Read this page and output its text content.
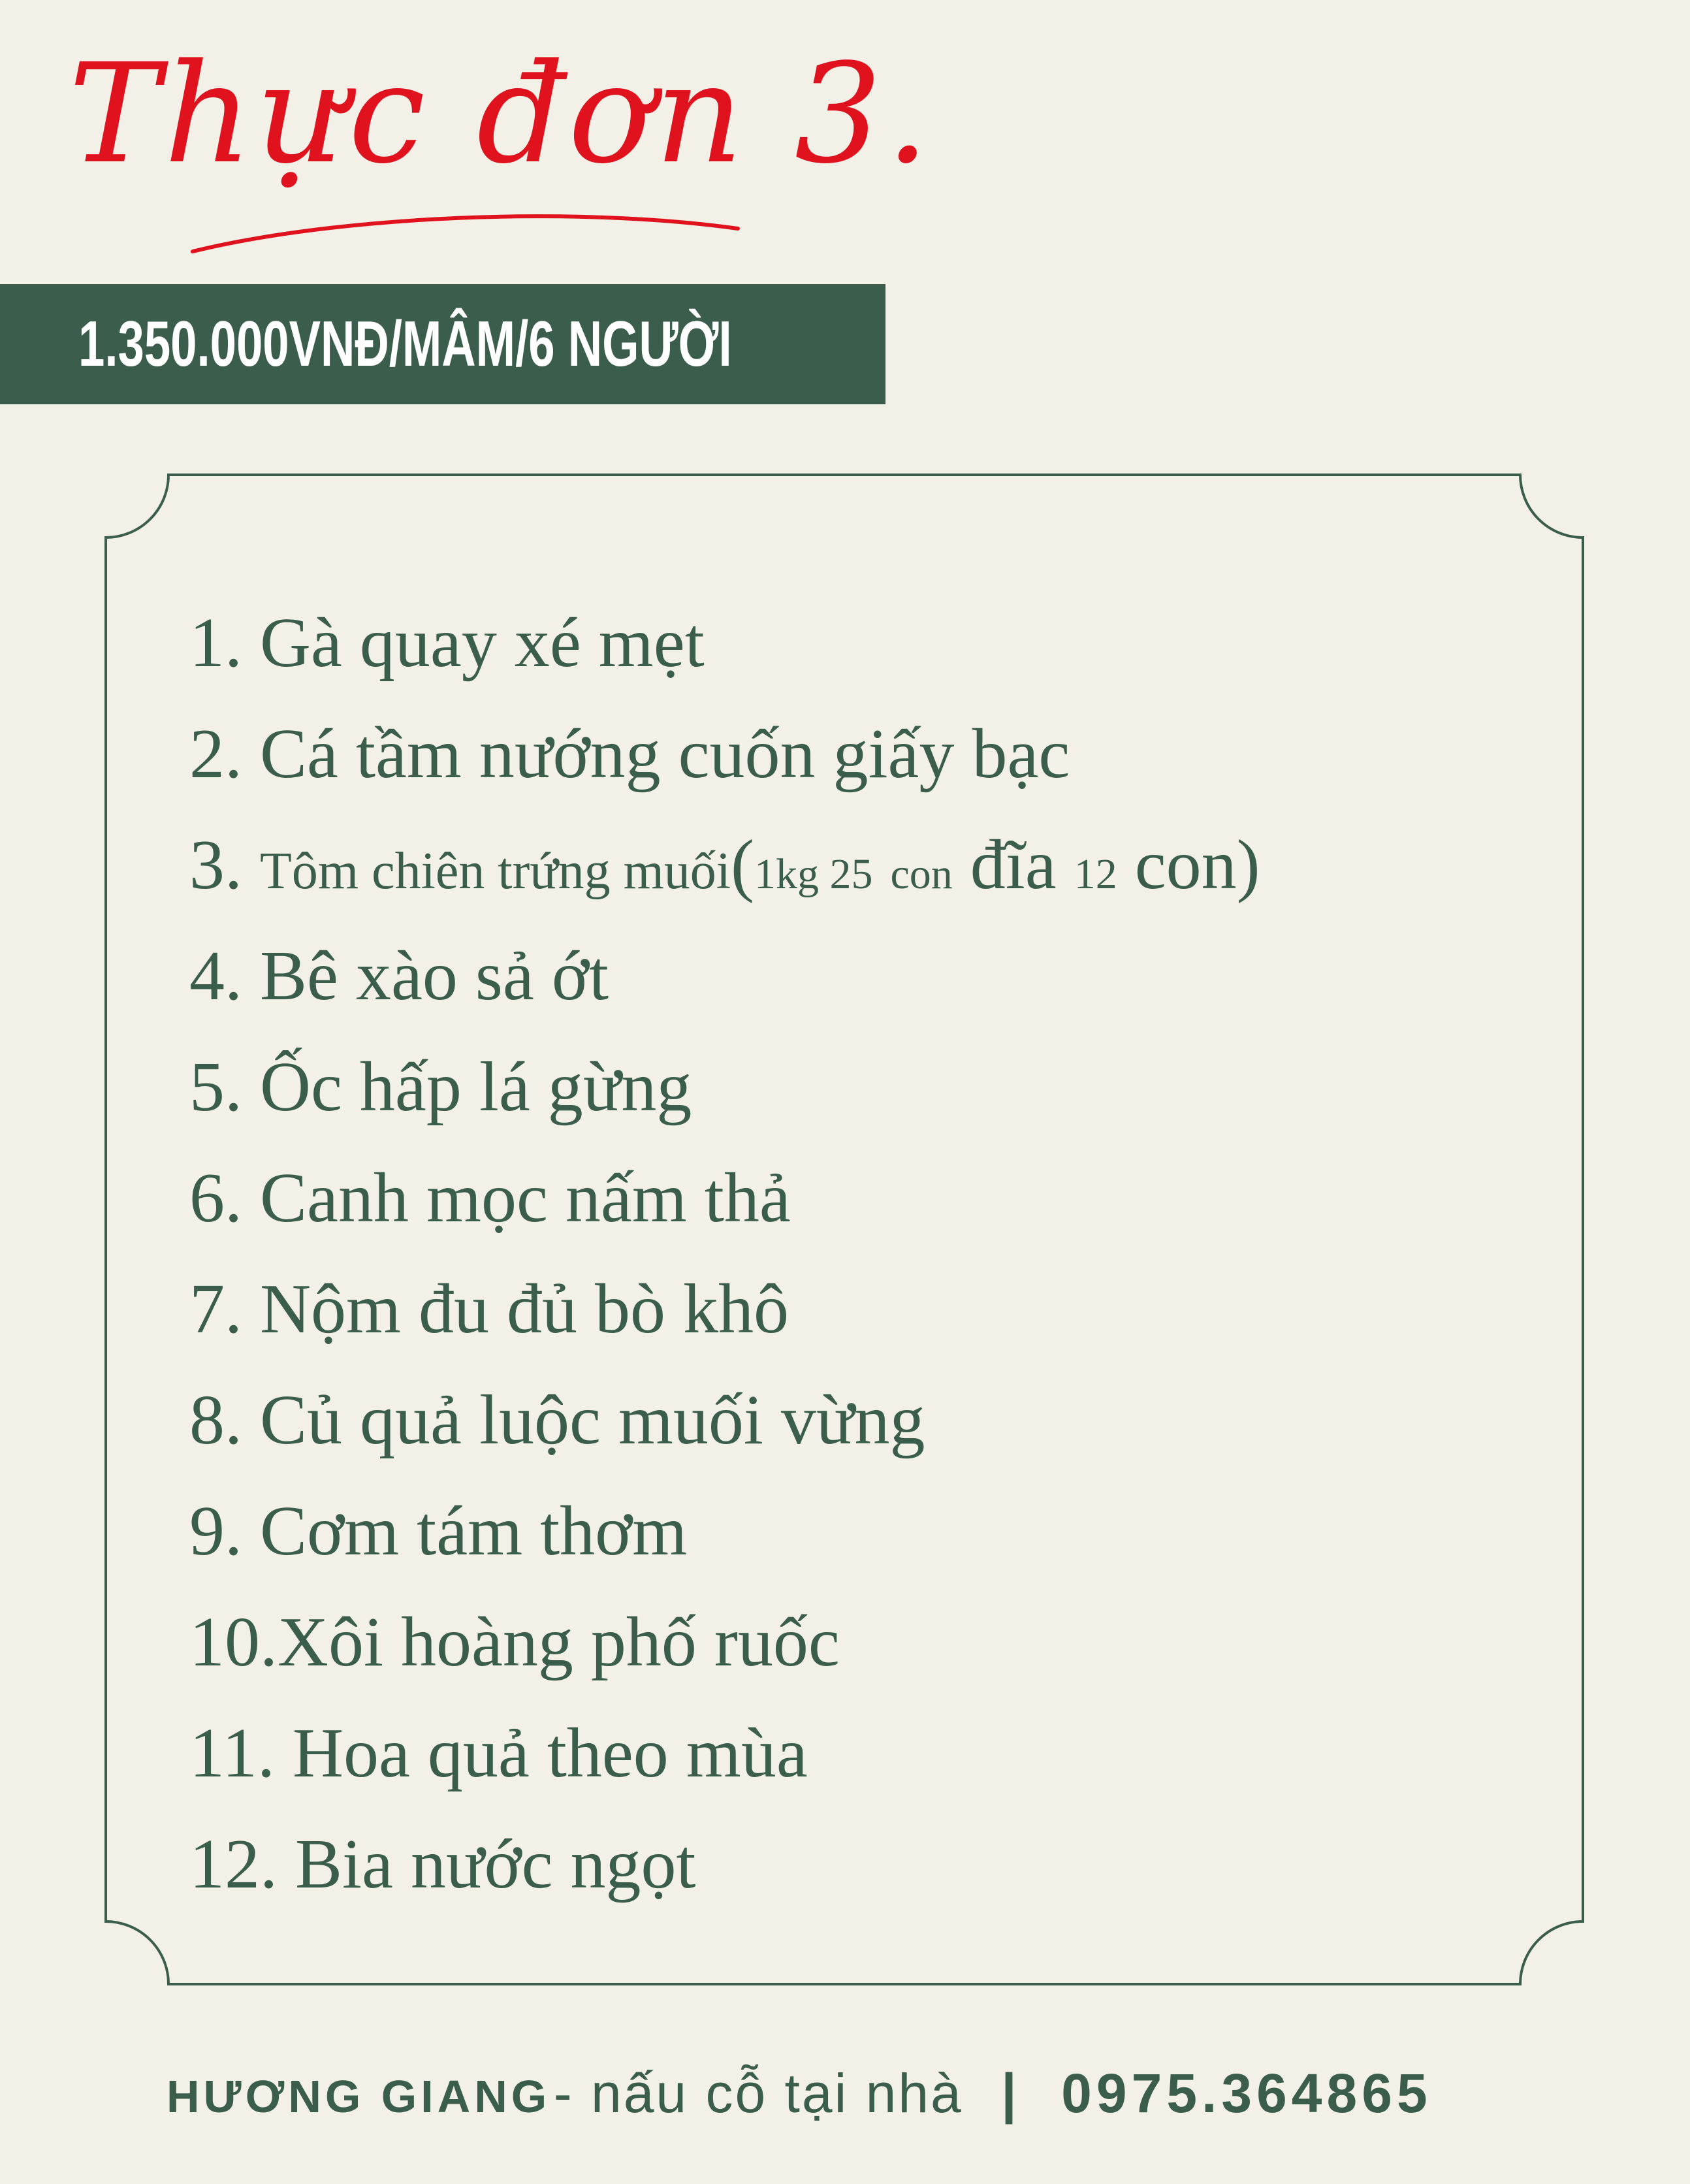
Thực đơn 3.
1.350.000VNĐ/MÂM/6 NGƯỜI
1. Gà quay xé mẹt
2. Cá tầm nướng cuốn giấy bạc
3. Tôm chiên trứng muối(1kg 25 con đĩa 12 con)
4. Bê xào sả ớt
5. Ốc hấp lá gừng
6. Canh mọc nấm thả
7. Nộm đu đủ bò khô
8. Củ quả luộc muối vừng
9. Cơm tám thơm
10.Xôi hoàng phố ruốc
11. Hoa quả theo mùa
12. Bia nước ngọt
HƯƠNG GIANG - nấu cỗ tại nhà | 0975.364865
